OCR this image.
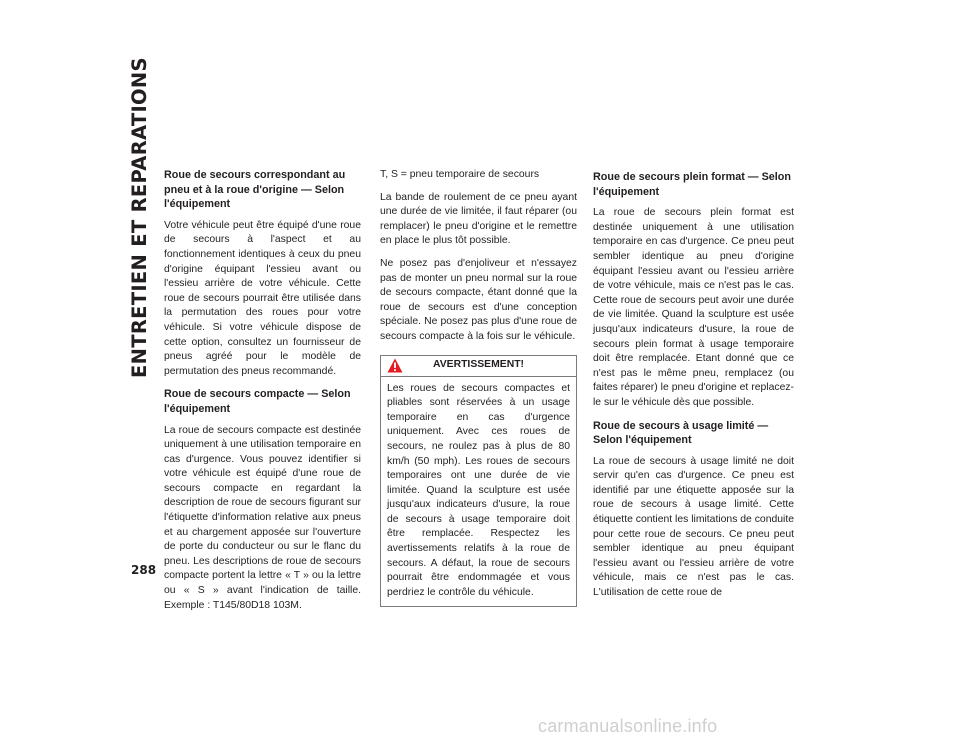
ENTRETIEN ET REPARATIONS
288
Roue de secours correspondant au pneu et à la roue d'origine — Selon l'équipement

Votre véhicule peut être équipé d'une roue de secours à l'aspect et au fonctionnement identiques à ceux du pneu d'origine équipant l'essieu avant ou l'essieu arrière de votre véhicule. Cette roue de secours pourrait être utilisée dans la permutation des roues pour votre véhicule. Si votre véhicule dispose de cette option, consultez un fournisseur de pneus agréé pour le modèle de permutation des pneus recommandé.

Roue de secours compacte — Selon l'équipement

La roue de secours compacte est destinée uniquement à une utilisation temporaire en cas d'urgence. Vous pouvez identifier si votre véhicule est équipé d'une roue de secours compacte en regardant la description de roue de secours figurant sur l'étiquette d'information relative aux pneus et au chargement apposée sur l'ouverture de porte du conducteur ou sur le flanc du pneu. Les descriptions de roue de secours compacte portent la lettre « T » ou la lettre ou « S » avant l'indication de taille. Exemple : T145/80D18 103M.

T, S = pneu temporaire de secours

La bande de roulement de ce pneu ayant une durée de vie limitée, il faut réparer (ou remplacer) le pneu d'origine et le remettre en place le plus tôt possible.

Ne posez pas d'enjoliveur et n'essayez pas de monter un pneu normal sur la roue de secours compacte, étant donné que la roue de secours est d'une conception spéciale. Ne posez pas plus d'une roue de secours compacte à la fois sur le véhicule.

AVERTISSEMENT!

Les roues de secours compactes et pliables sont réservées à un usage temporaire en cas d'urgence uniquement. Avec ces roues de secours, ne roulez pas à plus de 80 km/h (50 mph). Les roues de secours temporaires ont une durée de vie limitée. Quand la sculpture est usée jusqu'aux indicateurs d'usure, la roue de secours à usage temporaire doit être remplacée. Respectez les avertissements relatifs à la roue de secours. A défaut, la roue de secours pourrait être endommagée et vous perdriez le contrôle du véhicule.

Roue de secours plein format — Selon l'équipement

La roue de secours plein format est destinée uniquement à une utilisation temporaire en cas d'urgence. Ce pneu peut sembler identique au pneu d'origine équipant l'essieu avant ou l'essieu arrière de votre véhicule, mais ce n'est pas le cas. Cette roue de secours peut avoir une durée de vie limitée. Quand la sculpture est usée jusqu'aux indicateurs d'usure, la roue de secours plein format à usage temporaire doit être remplacée. Etant donné que ce n'est pas le même pneu, remplacez (ou faites réparer) le pneu d'origine et replacez-le sur le véhicule dès que possible.

Roue de secours à usage limité — Selon l'équipement

La roue de secours à usage limité ne doit servir qu'en cas d'urgence. Ce pneu est identifié par une étiquette apposée sur la roue de secours à usage limité. Cette étiquette contient les limitations de conduite pour cette roue de secours. Ce pneu peut sembler identique au pneu équipant l'essieu avant ou l'essieu arrière de votre véhicule, mais ce n'est pas le cas. L'utilisation de cette roue de

carmanualsonline.info
